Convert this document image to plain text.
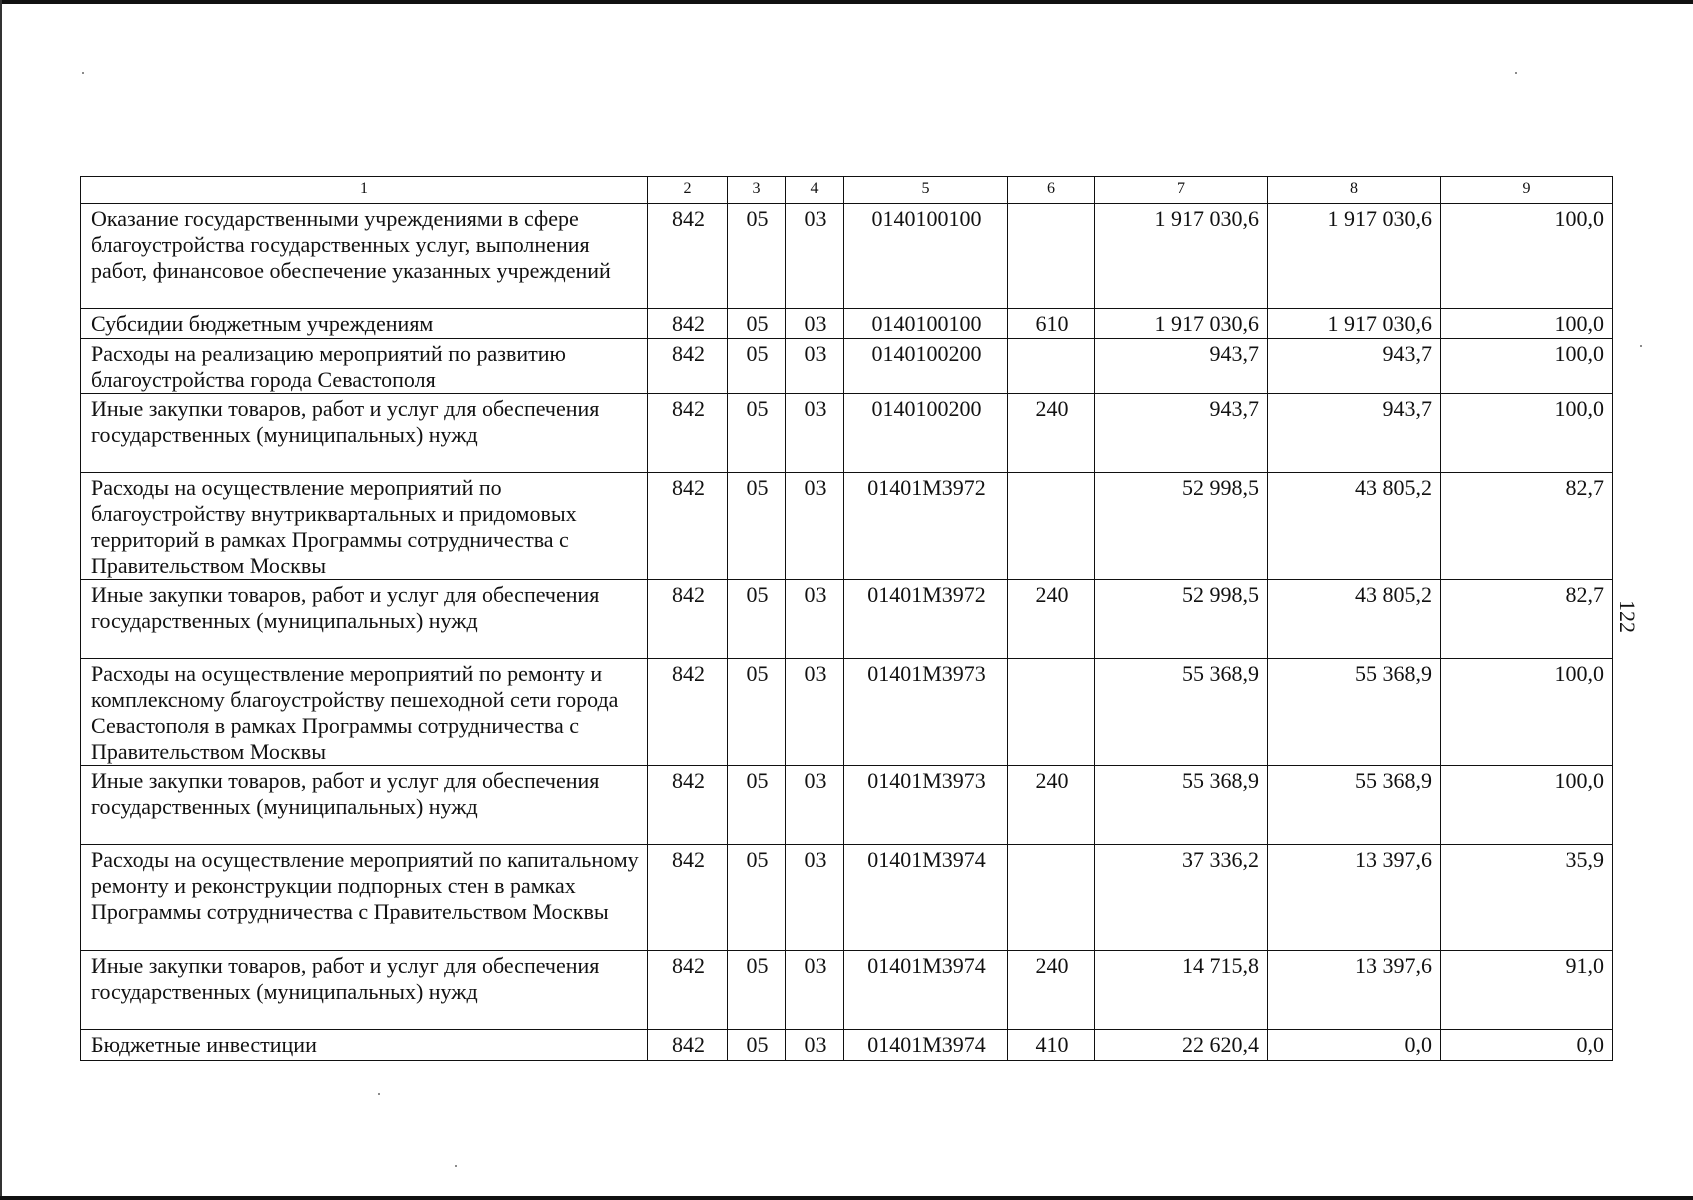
122
1	2	3	4	5	6	7	8	9
Оказание государственными учреждениями в сфере благоустройства государственных услуг, выполнения работ, финансовое обеспечение указанных учреждений	842	05	03	0140100100		1 917 030,6	1 917 030,6	100,0
Субсидии бюджетным учреждениям	842	05	03	0140100100	610	1 917 030,6	1 917 030,6	100,0
Расходы на реализацию мероприятий по развитию благоустройства города Севастополя	842	05	03	0140100200		943,7	943,7	100,0
Иные закупки товаров, работ и услуг для обеспечения государственных (муниципальных) нужд	842	05	03	0140100200	240	943,7	943,7	100,0
Расходы на осуществление мероприятий по благоустройству внутриквартальных и придомовых территорий в рамках Программы сотрудничества с Правительством Москвы	842	05	03	01401М3972		52 998,5	43 805,2	82,7
Иные закупки товаров, работ и услуг для обеспечения государственных (муниципальных) нужд	842	05	03	01401М3972	240	52 998,5	43 805,2	82,7
Расходы на осуществление мероприятий по ремонту и комплексному благоустройству пешеходной сети города Севастополя в рамках Программы сотрудничества с Правительством Москвы	842	05	03	01401М3973		55 368,9	55 368,9	100,0
Иные закупки товаров, работ и услуг для обеспечения государственных (муниципальных) нужд	842	05	03	01401М3973	240	55 368,9	55 368,9	100,0
Расходы на осуществление мероприятий по капитальному ремонту и реконструкции подпорных стен в рамках Программы сотрудничества с Правительством Москвы	842	05	03	01401М3974		37 336,2	13 397,6	35,9
Иные закупки товаров, работ и услуг для обеспечения государственных (муниципальных) нужд	842	05	03	01401М3974	240	14 715,8	13 397,6	91,0
Бюджетные инвестиции	842	05	03	01401М3974	410	22 620,4	0,0	0,0
